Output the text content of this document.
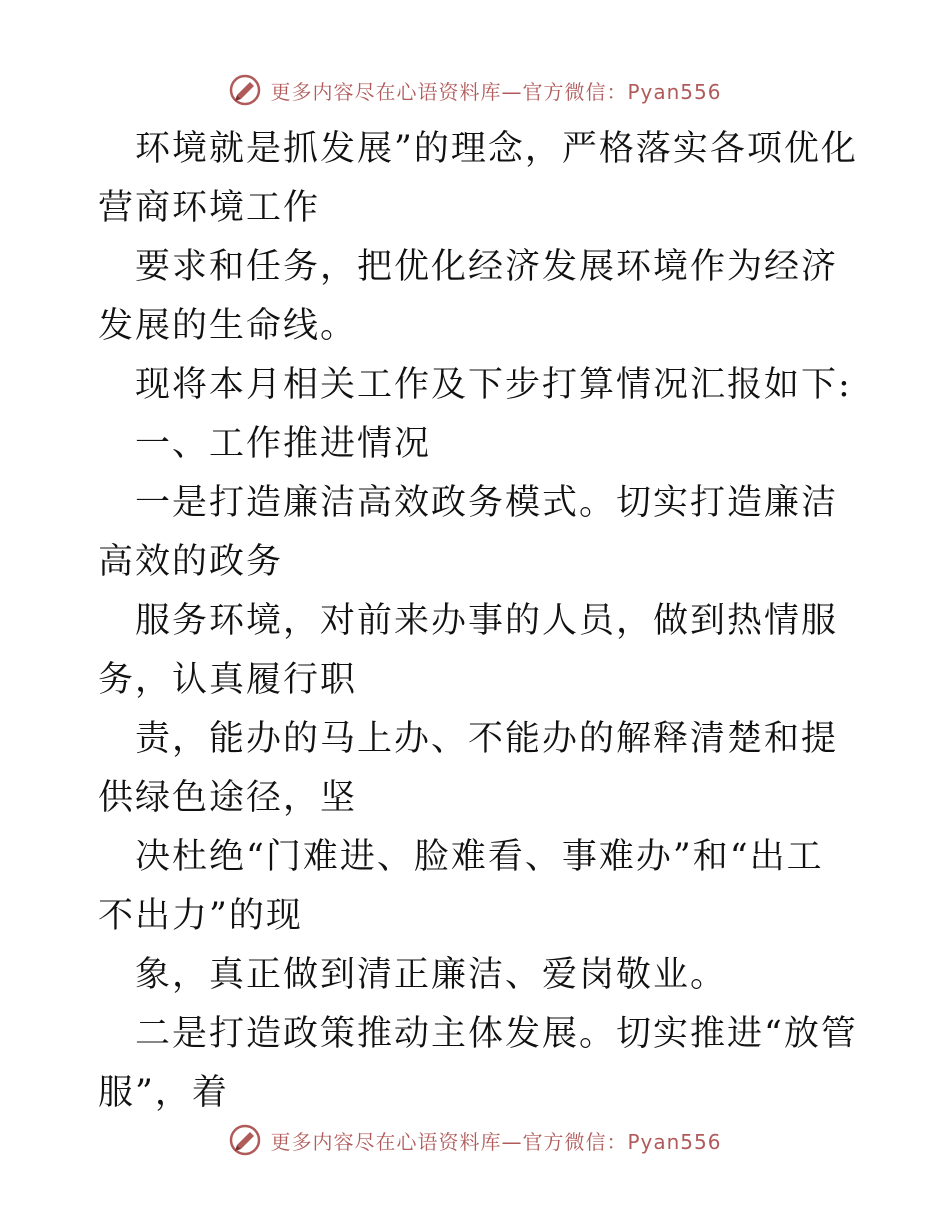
更多内容尽在心语资料库—官方微信：Pyan556

环境就是抓发展”的理念，严格落实各项优化营商环境工作

要求和任务，把优化经济发展环境作为经济发展的生命线。

现将本月相关工作及下步打算情况汇报如下:

一、工作推进情况

一是打造廉洁高效政务模式。切实打造廉洁高效的政务

服务环境，对前来办事的人员，做到热情服务，认真履行职

责，能办的马上办、不能办的解释清楚和提供绿色途径，坚

决杜绝“门难进、脸难看、事难办”和“出工不出力”的现

象，真正做到清正廉洁、爱岗敬业。

二是打造政策推动主体发展。切实推进“放管服”，着

更多内容尽在心语资料库—官方微信：Pyan556
